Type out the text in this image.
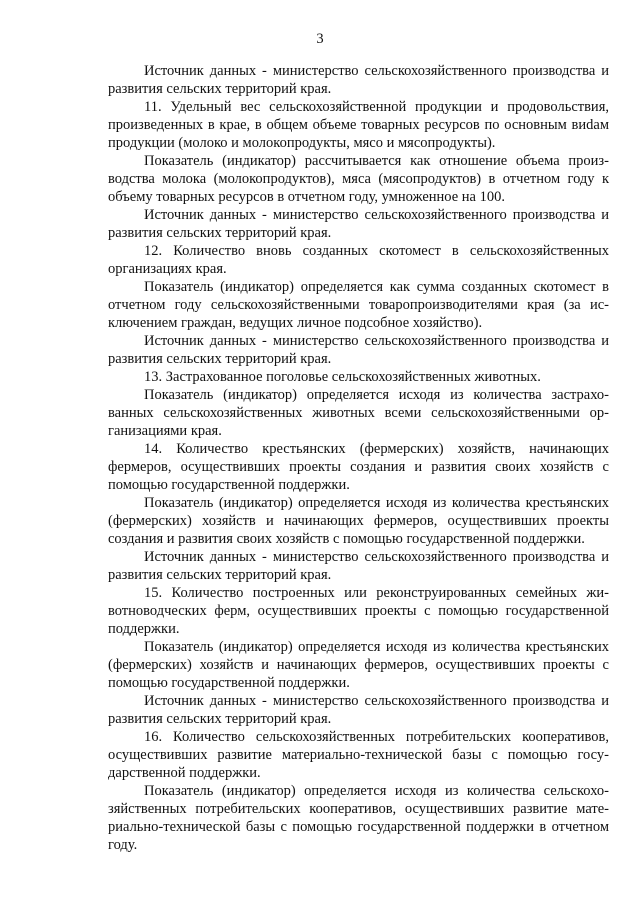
3

Источник данных - министерство сельскохозяйственного производства и развития сельских территорий края.

11. Удельный вес сельскохозяйственной продукции и продовольствия, произведенных в крае, в общем объеме товарных ресурсов по основным виdам продукции (молоко и молокопродукты, мясо и мясопродукты).

Показатель (индикатор) рассчитывается как отношение объема производства молока (молокопродуктов), мяса (мясопродуктов) в отчетном году к объему товарных ресурсов в отчетном году, умноженное на 100.

Источник данных - министерство сельскохозяйственного производства и развития сельских территорий края.

12. Количество вновь созданных скотомест в сельскохозяйственных организациях края.

Показатель (индикатор) определяется как сумма созданных скотомест в отчетном году сельскохозяйственными товаропроизводителями края (за исключением граждан, ведущих личное подсобное хозяйство).

Источник данных - министерство сельскохозяйственного производства и развития сельских территорий края.

13. Застрахованное поголовье сельскохозяйственных животных.

Показатель (индикатор) определяется исходя из количества застрахованных сельскохозяйственных животных всеми сельскохозяйственными организациями края.

14. Количество крестьянских (фермерских) хозяйств, начинающих фермеров, осуществивших проекты создания и развития своих хозяйств с помощью государственной поддержки.

Показатель (индикатор) определяется исходя из количества крестьянских (фермерских) хозяйств и начинающих фермеров, осуществивших проекты создания и развития своих хозяйств с помощью государственной поддержки.

Источник данных - министерство сельскохозяйственного производства и развития сельских территорий края.

15. Количество построенных или реконструированных семейных животноводческих ферм, осуществивших проекты с помощью государственной поддержки.

Показатель (индикатор) определяется исходя из количества крестьянских (фермерских) хозяйств и начинающих фермеров, осуществивших проекты с помощью государственной поддержки.

Источник данных - министерство сельскохозяйственного производства и развития сельских территорий края.

16. Количество сельскохозяйственных потребительских кооперативов, осуществивших развитие материально-технической базы с помощью государственной поддержки.

Показатель (индикатор) определяется исходя из количества сельскохозяйственных потребительских кооперативов, осуществивших развитие материально-технической базы с помощью государственной поддержки в отчетном году.
